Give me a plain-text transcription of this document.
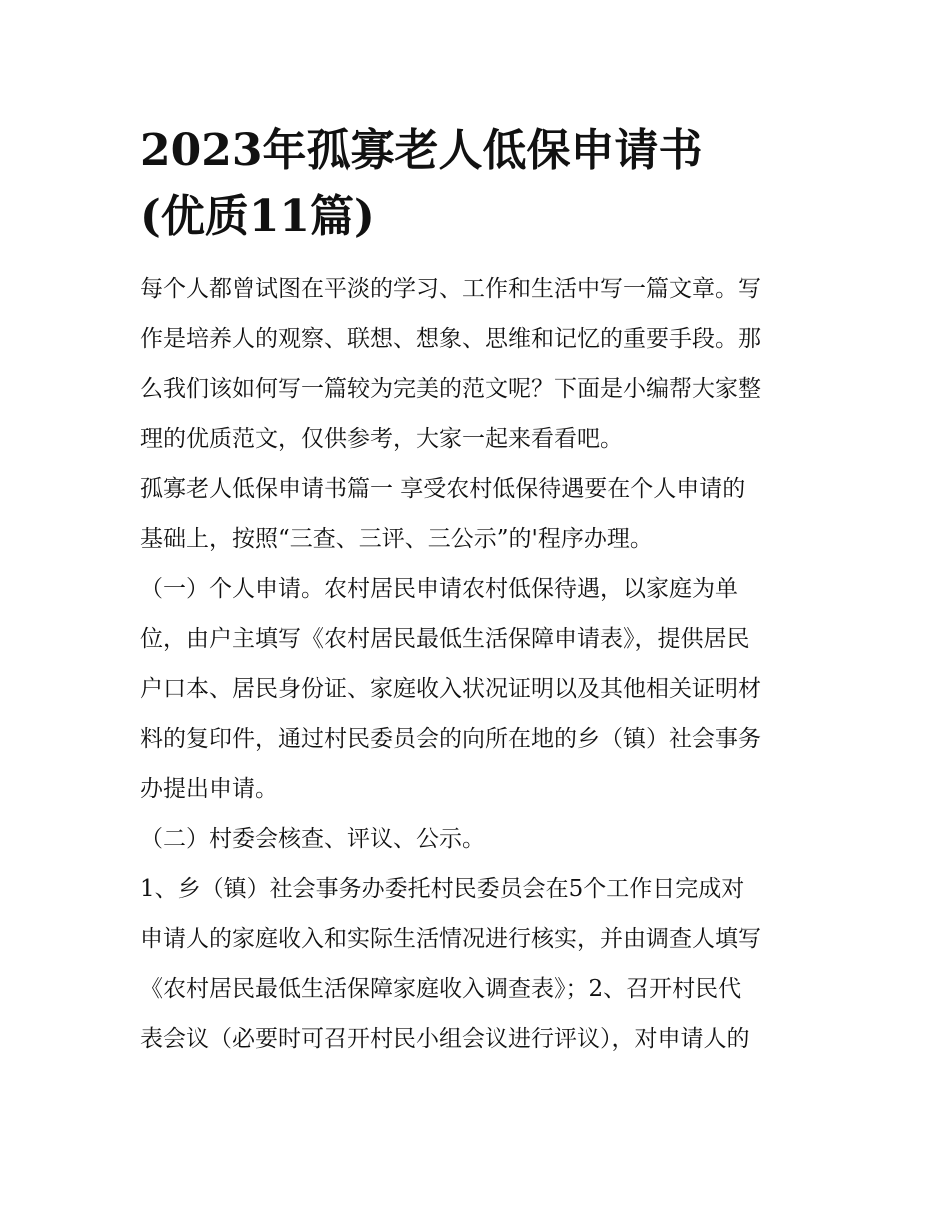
2023年孤寡老人低保申请书
(优质11篇)
每个人都曾试图在平淡的学习、工作和生活中写一篇文章。写
作是培养人的观察、联想、想象、思维和记忆的重要手段。那
么我们该如何写一篇较为完美的范文呢？下面是小编帮大家整
理的优质范文，仅供参考，大家一起来看看吧。
孤寡老人低保申请书篇一 享受农村低保待遇要在个人申请的
基础上，按照“三查、三评、三公示”的'程序办理。
（一）个人申请。农村居民申请农村低保待遇，以家庭为单
位，由户主填写《农村居民最低生活保障申请表》，提供居民
户口本、居民身份证、家庭收入状况证明以及其他相关证明材
料的复印件，通过村民委员会的向所在地的乡（镇）社会事务
办提出申请。
（二）村委会核查、评议、公示。
1、乡（镇）社会事务办委托村民委员会在5个工作日完成对
申请人的家庭收入和实际生活情况进行核实，并由调查人填写
《农村居民最低生活保障家庭收入调查表》；2、召开村民代
表会议（必要时可召开村民小组会议进行评议），对申请人的
